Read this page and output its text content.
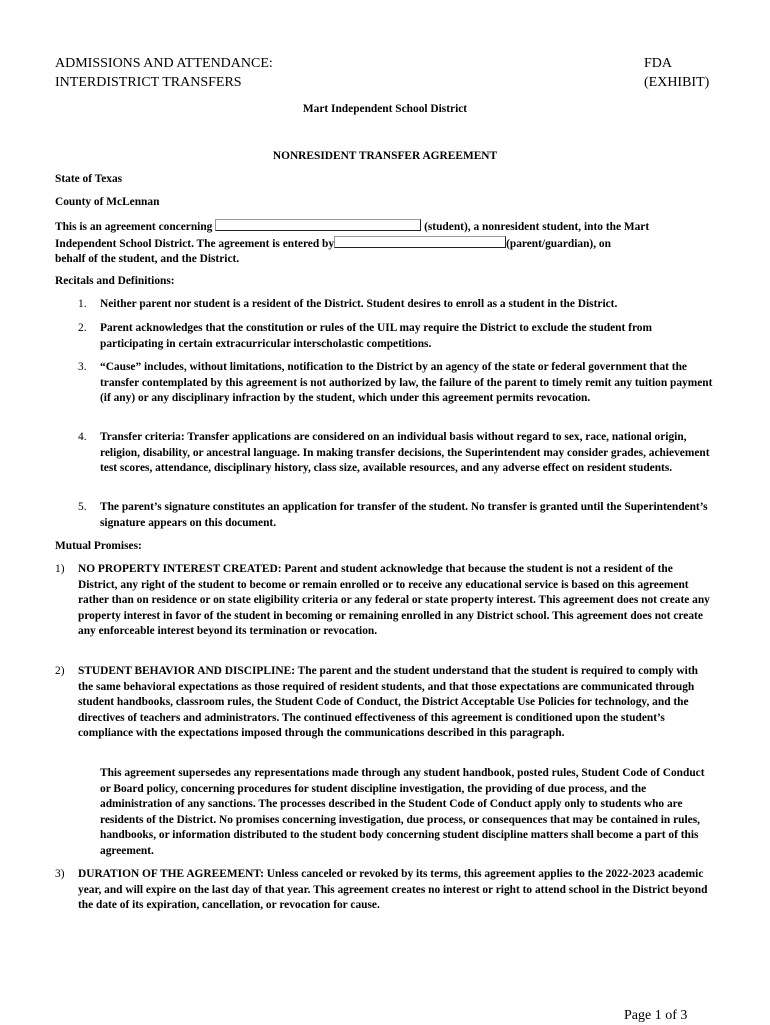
ADMISSIONS AND ATTENDANCE:
INTERDISTRICT TRANSFERS
FDA
(EXHIBIT)
Mart Independent School District
NONRESIDENT TRANSFER AGREEMENT
State of Texas
County of McLennan
This is an agreement concerning	(student), a nonresident student, into the Mart
Independent School District. The agreement is entered by	(parent/guardian), on
behalf of the student, and the District.
Recitals and Definitions:
1.	Neither parent nor student is a resident of the District. Student desires to enroll as a student in the District.
2.	Parent acknowledges that the constitution or rules of the UIL may require the District to exclude the student from participating in certain extracurricular interscholastic competitions.
3.	“Cause” includes, without limitations, notification to the District by an agency of the state or federal government that the transfer contemplated by this agreement is not authorized by law, the failure of the parent to timely remit any tuition payment (if any) or any disciplinary infraction by the student, which under this agreement permits revocation.
4.	Transfer criteria: Transfer applications are considered on an individual basis without regard to sex, race, national origin, religion, disability, or ancestral language. In making transfer decisions, the Superintendent may consider grades, achievement test scores, attendance, disciplinary history, class size, available resources, and any adverse effect on resident students.
5.	The parent’s signature constitutes an application for transfer of the student. No transfer is granted until the Superintendent’s signature appears on this document.
Mutual Promises:
1)	NO PROPERTY INTEREST CREATED: Parent and student acknowledge that because the student is not a resident of the District, any right of the student to become or remain enrolled or to receive any educational service is based on this agreement rather than on residence or on state eligibility criteria or any federal or state property interest. This agreement does not create any property interest in favor of the student in becoming or remaining enrolled in any District school. This agreement does not create any enforceable interest beyond its termination or revocation.
2)	STUDENT BEHAVIOR AND DISCIPLINE: The parent and the student understand that the student is required to comply with the same behavioral expectations as those required of resident students, and that those expectations are communicated through student handbooks, classroom rules, the Student Code of Conduct, the District Acceptable Use Policies for technology, and the directives of teachers and administrators. The continued effectiveness of this agreement is conditioned upon the student’s compliance with the expectations imposed through the communications described in this paragraph.
This agreement supersedes any representations made through any student handbook, posted rules, Student Code of Conduct or Board policy, concerning procedures for student discipline investigation, the providing of due process, and the administration of any sanctions. The processes described in the Student Code of Conduct apply only to students who are residents of the District. No promises concerning investigation, due process, or consequences that may be contained in rules, handbooks, or information distributed to the student body concerning student discipline matters shall become a part of this agreement.
3)	DURATION OF THE AGREEMENT: Unless canceled or revoked by its terms, this agreement applies to the 2022-2023 academic year, and will expire on the last day of that year. This agreement creates no interest or right to attend school in the District beyond the date of its expiration, cancellation, or revocation for cause.
Page 1 of 3
